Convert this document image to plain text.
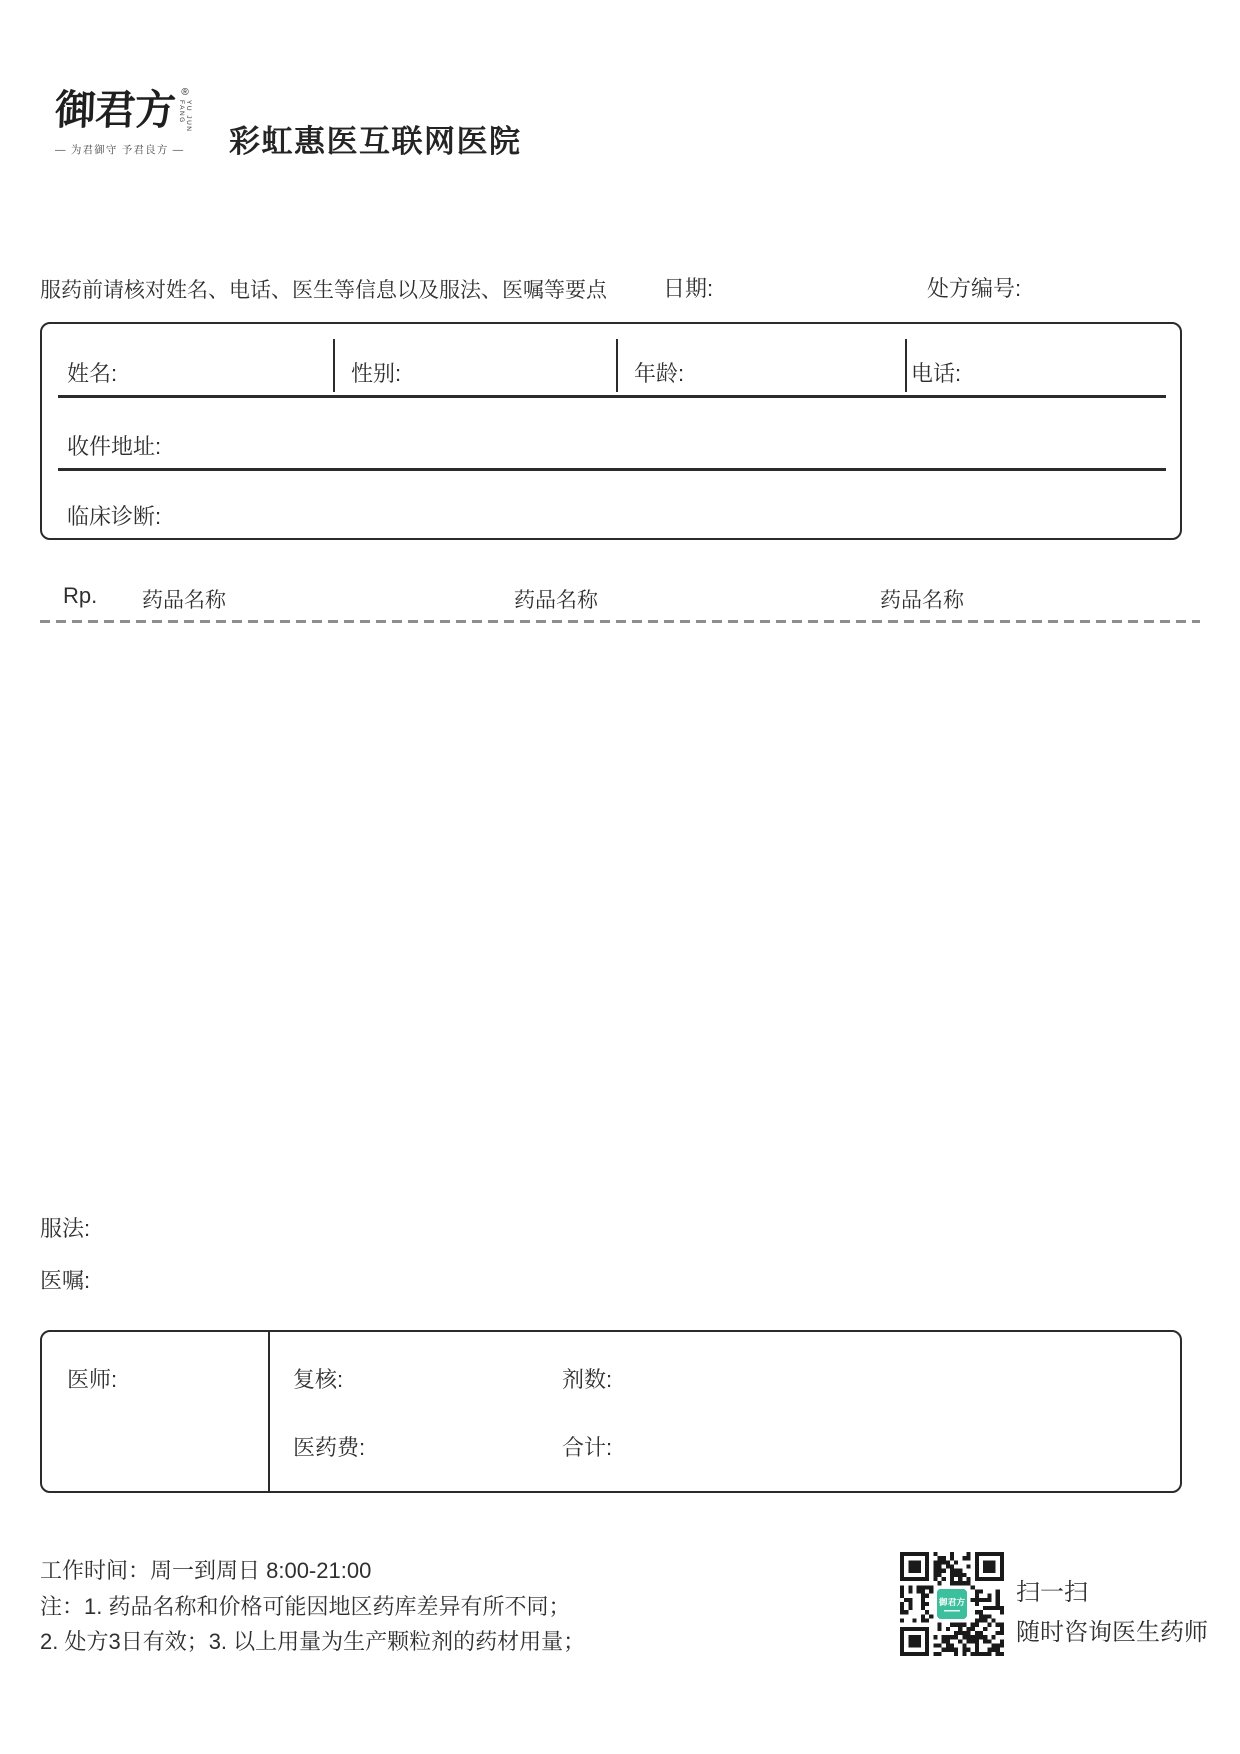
御君方 ®
YU JUN FANG
— 为君御守 予君良方 — 彩虹惠医互联网医院
服药前请核对姓名、电话、医生等信息以及服法、医嘱等要点	日期:	处方编号:
姓名:	性别:	年龄:	电话:
收件地址:
临床诊断:
Rp. 药品名称	药品名称	药品名称
服法:
医嘱:
医师:	复核:	剂数:
医药费:	合计:
工作时间：周一到周日 8:00-21:00
注：1. 药品名称和价格可能因地区药库差异有所不同；
2. 处方3日有效；3. 以上用量为生产颗粒剂的药材用量；
御君方 扫一扫
随时咨询医生药师
